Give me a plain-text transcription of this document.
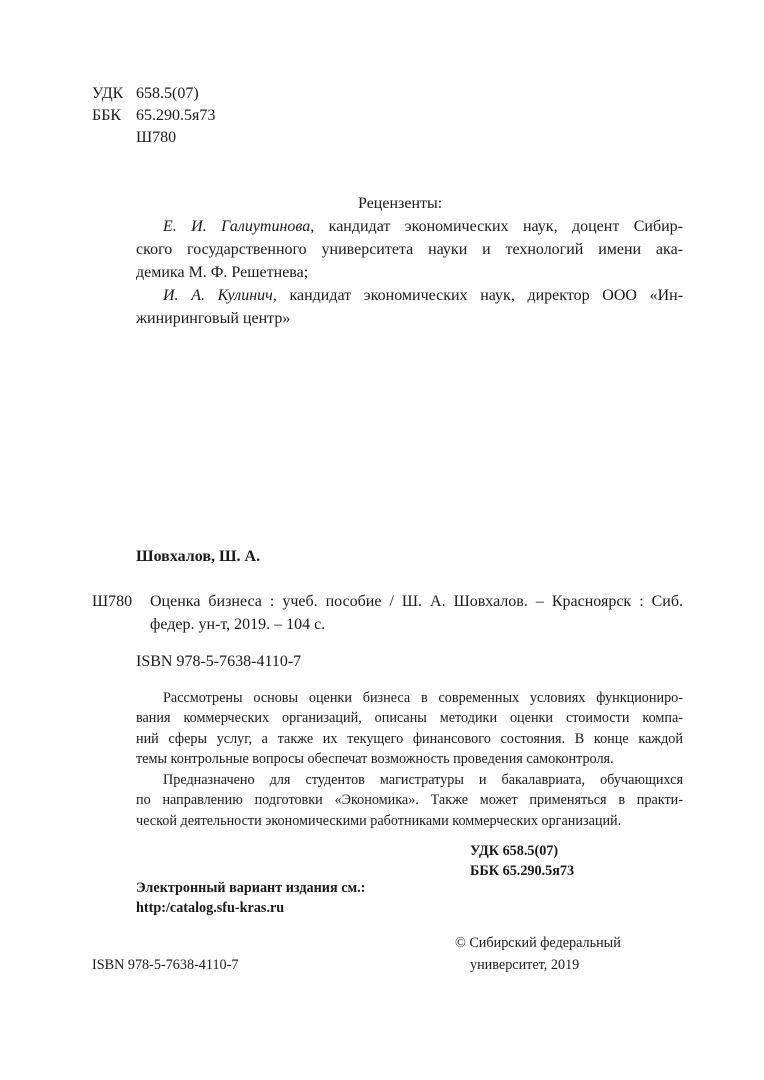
УДК 658.5(07)
ББК 65.290.5я73
Ш780
Рецензенты:
Е. И. Галиутинова, кандидат экономических наук, доцент Сибир-
ского государственного университета науки и технологий имени ака-
демика М. Ф. Решетнева;
И. А. Кулинич, кандидат экономических наук, директор ООО «Ин-
жиниринговый центр»
Шовхалов, Ш. А.
Ш780 Оценка бизнеса : учеб. пособие / Ш. А. Шовхалов. – Красноярск : Сиб.
федер. ун-т, 2019. – 104 с.
ISBN 978-5-7638-4110-7
Рассмотрены основы оценки бизнеса в современных условиях функциониро-
вания коммерческих организаций, описаны методики оценки стоимости компа-
ний сферы услуг, а также их текущего финансового состояния. В конце каждой
темы контрольные вопросы обеспечат возможность проведения самоконтроля.
Предназначено для студентов магистратуры и бакалавриата, обучающихся
по направлению подготовки «Экономика». Также может применяться в практи-
ческой деятельности экономическими работниками коммерческих организаций.
УДК 658.5(07)
ББК 65.290.5я73
Электронный вариант издания см.:
http:/catalog.sfu-kras.ru
© Сибирский федеральный
университет, 2019
ISBN 978-5-7638-4110-7
